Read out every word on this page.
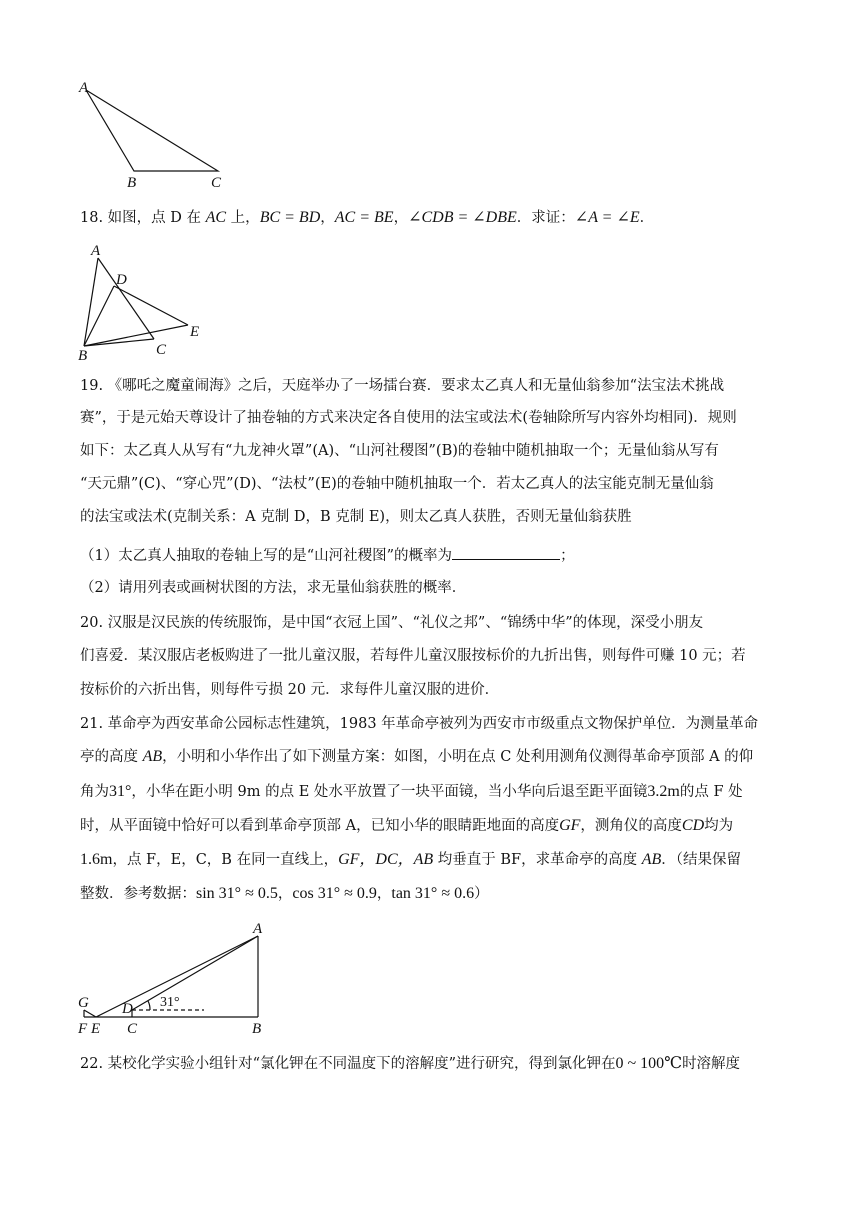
A
B	C
18. 如图，点 D 在 AC 上，BC = BD，AC = BE，∠CDB = ∠DBE．求证：∠A = ∠E．
A
D
E
B	C
19. 《哪吒之魔童闹海》之后，天庭举办了一场擂台赛．要求太乙真人和无量仙翁参加“法宝法术挑战
赛”，于是元始天尊设计了抽卷轴的方式来决定各自使用的法宝或法术(卷轴除所写内容外均相同)．规则
如下：太乙真人从写有“九龙神火罩”(A)、“山河社稷图”(B)的卷轴中随机抽取一个；无量仙翁从写有
“天元鼎”(C)、“穿心咒”(D)、“法杖”(E)的卷轴中随机抽取一个．若太乙真人的法宝能克制无量仙翁
的法宝或法术(克制关系：A 克制 D，B 克制 E)，则太乙真人获胜，否则无量仙翁获胜
（1）太乙真人抽取的卷轴上写的是“山河社稷图”的概率为	；
（2）请用列表或画树状图的方法，求无量仙翁获胜的概率．
20. 汉服是汉民族的传统服饰，是中国“衣冠上国”、“礼仪之邦”、“锦绣中华”的体现，深受小朋友
们喜爱．某汉服店老板购进了一批儿童汉服，若每件儿童汉服按标价的九折出售，则每件可赚 10 元；若
按标价的六折出售，则每件亏损 20 元．求每件儿童汉服的进价．
21. 革命亭为西安革命公园标志性建筑，1983 年革命亭被列为西安市市级重点文物保护单位．为测量革命
亭的高度 AB，小明和小华作出了如下测量方案：如图，小明在点 C 处利用测角仪测得革命亭顶部 A 的仰
角为31°，小华在距小明 9m 的点 E 处水平放置了一块平面镜，当小华向后退至距平面镜3.2m的点 F 处
时，从平面镜中恰好可以看到革命亭顶部 A，已知小华的眼睛距地面的高度GF，测角仪的高度CD均为
1.6m，点 F，E，C，B 在同一直线上，GF，DC，AB 均垂直于 BF，求革命亭的高度 AB．（结果保留
整数．参考数据：sin 31° ≈ 0.5，cos 31° ≈ 0.9，tan 31° ≈ 0.6）
A
G D 31°
F E C	B
22. 某校化学实验小组针对“氯化钾在不同温度下的溶解度”进行研究，得到氯化钾在0 ~ 100℃时溶解度
